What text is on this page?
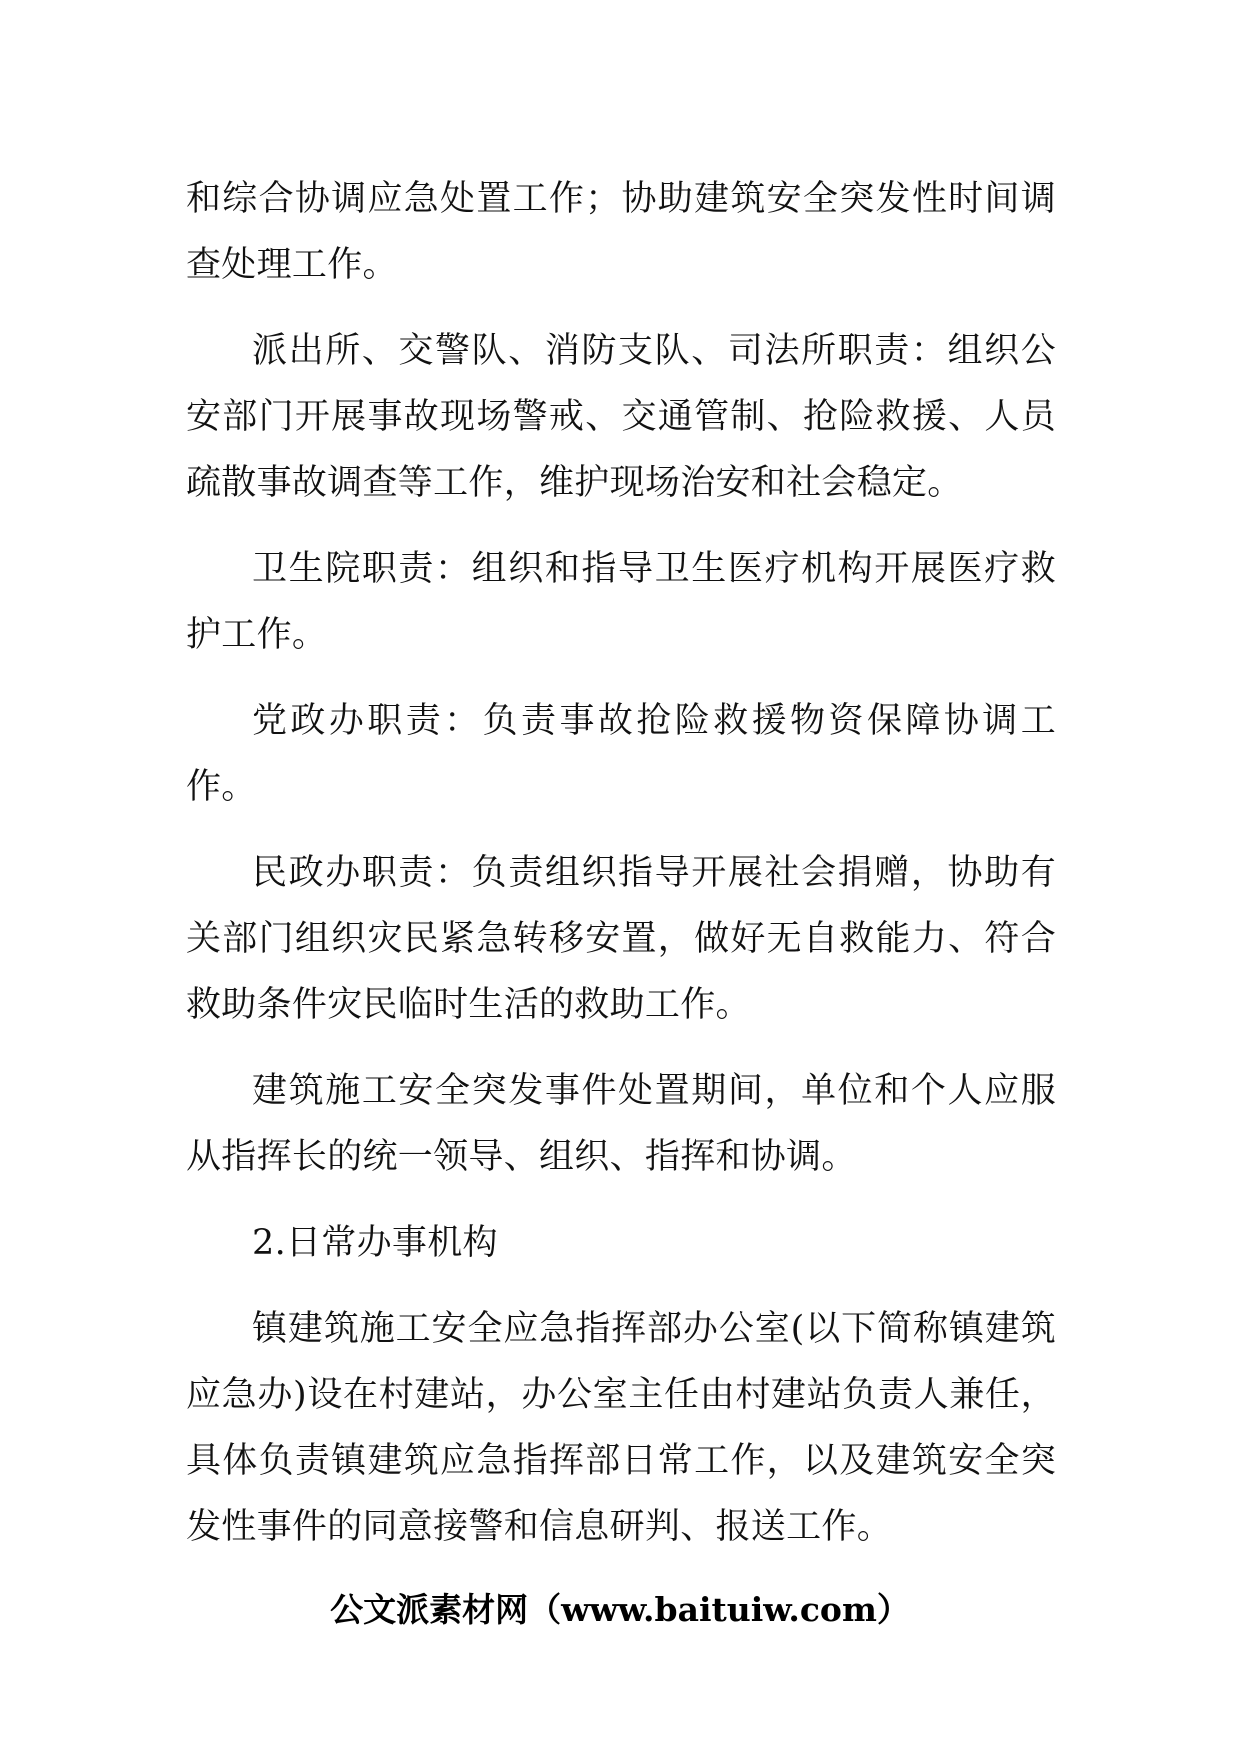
和综合协调应急处置工作；协助建筑安全突发性时间调查处理工作。

派出所、交警队、消防支队、司法所职责：组织公安部门开展事故现场警戒、交通管制、抢险救援、人员疏散事故调查等工作，维护现场治安和社会稳定。

卫生院职责：组织和指导卫生医疗机构开展医疗救护工作。

党政办职责：负责事故抢险救援物资保障协调工作。

民政办职责：负责组织指导开展社会捐赠，协助有关部门组织灾民紧急转移安置，做好无自救能力、符合救助条件灾民临时生活的救助工作。

建筑施工安全突发事件处置期间，单位和个人应服从指挥长的统一领导、组织、指挥和协调。

2.日常办事机构

镇建筑施工安全应急指挥部办公室(以下简称镇建筑应急办)设在村建站，办公室主任由村建站负责人兼任，具体负责镇建筑应急指挥部日常工作，以及建筑安全突发性事件的同意接警和信息研判、报送工作。

公文派素材网（www.baituiw.com）
